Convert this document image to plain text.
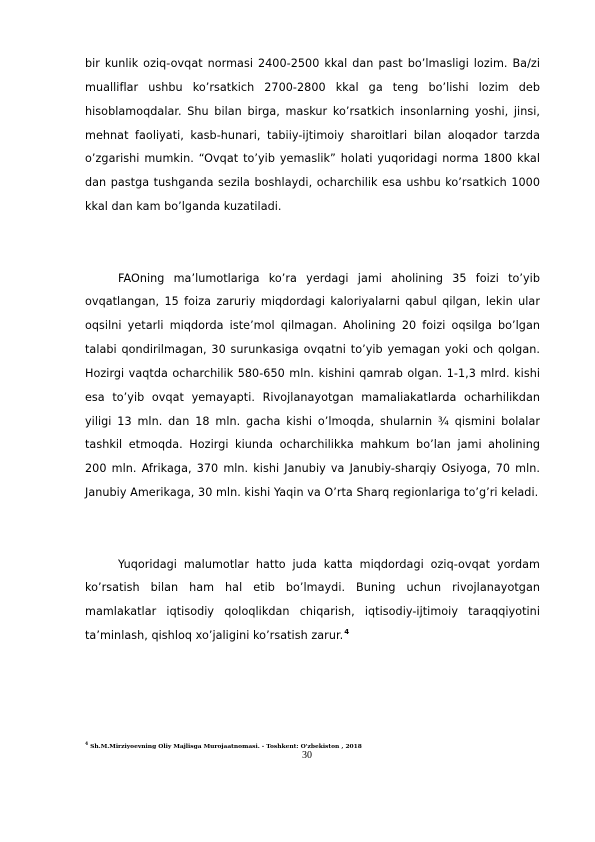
bir kunlik oziq-ovqat normasi 2400-2500 kkal dan past bo’lmasligi lozim. Ba/zi mualliflar ushbu ko’rsatkich 2700-2800 kkal ga teng bo’lishi lozim deb hisoblamoqdalar. Shu bilan birga, maskur ko’rsatkich insonlarning yoshi, jinsi, mehnat faoliyati, kasb-hunari, tabiiy-ijtimoiy sharoitlari bilan aloqador tarzda o’zgarishi mumkin. “Ovqat to’yib yemaslik” holati yuqoridagi norma 1800 kkal dan pastga tushganda sezila boshlaydi, ocharchilik esa ushbu ko’rsatkich 1000 kkal dan kam bo’lganda kuzatiladi.

FAOning ma’lumotlariga ko’ra yerdagi jami aholining 35 foizi to’yib ovqatlangan, 15 foiza zaruriy miqdordagi kaloriyalarni qabul qilgan, lekin ular oqsilni yetarli miqdorda iste’mol qilmagan. Aholining 20 foizi oqsilga bo’lgan talabi qondirilmagan, 30 surunkasiga ovqatni to’yib yemagan yoki och qolgan. Hozirgi vaqtda ocharchilik 580-650 mln. kishini qamrab olgan. 1-1,3 mlrd. kishi esa to’yib ovqat yemayapti. Rivojlanayotgan mamaliakatlarda ocharhilikdan yiligi 13 mln. dan 18 mln. gacha kishi o’lmoqda, shularnin ¾ qismini bolalar tashkil etmoqda. Hozirgi kiunda ocharchilikka mahkum bo’lan jami aholining 200 mln. Afrikaga, 370 mln. kishi Janubiy va Janubiy-sharqiy Osiyoga, 70 mln. Janubiy Amerikaga, 30 mln. kishi Yaqin va O’rta Sharq regionlariga to’g’ri keladi.

Yuqoridagi malumotlar hatto juda katta miqdordagi oziq-ovqat yordam ko’rsatish bilan ham hal etib bo’lmaydi. Buning uchun rivojlanayotgan mamlakatlar iqtisodiy qoloqlikdan chiqarish, iqtisodiy-ijtimoiy taraqqiyotini ta’minlash, qishloq xo’jaligini ko’rsatish zarur.$^4$

$^4$ Sh.M.Mirziyoevning Oliy Majlisga Murojaatnomasi. - Toshkent: O'zbekiston , 2018
30
